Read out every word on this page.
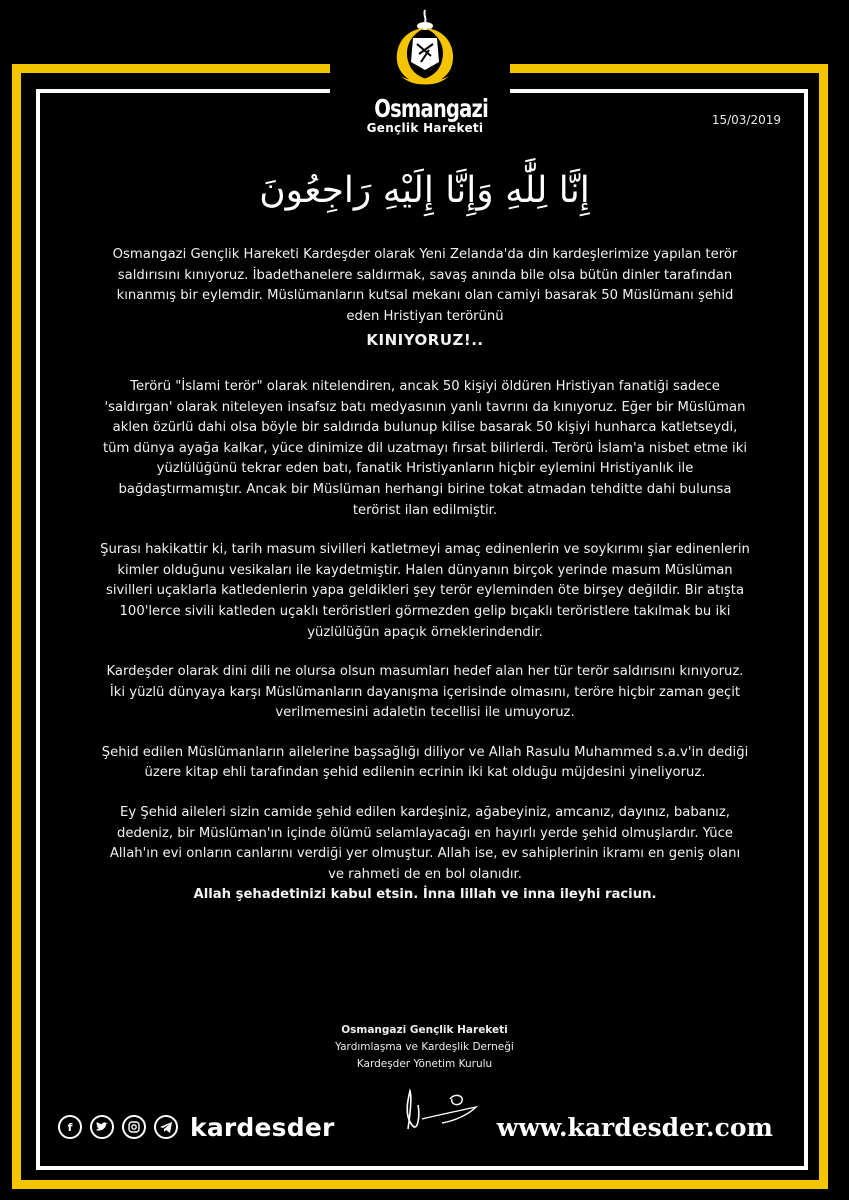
Osmangazi
Gençlik Hareketi
15/03/2019
إِنَّا لِلَّٰهِ وَإِنَّا إِلَيْهِ رَاجِعُونَ

Osmangazi Gençlik Hareketi Kardeşder olarak Yeni Zelanda'da din kardeşlerimize yapılan terör saldırısını kınıyoruz. İbadethanelere saldırmak, savaş anında bile olsa bütün dinler tarafından kınanmış bir eylemdir. Müslümanların kutsal mekanı olan camiyi basarak 50 Müslümanı şehid eden Hristiyan terörünü
KINIYORUZ!..

Terörü "İslami terör" olarak nitelendiren, ancak 50 kişiyi öldüren Hristiyan fanatiği sadece 'saldırgan' olarak niteleyen insafsız batı medyasının yanlı tavrını da kınıyoruz. Eğer bir Müslüman aklen özürlü dahi olsa böyle bir saldırıda bulunup kilise basarak 50 kişiyi hunharca katletseydi, tüm dünya ayağa kalkar, yüce dinimize dil uzatmayı fırsat bilirlerdi. Terörü İslam'a nisbet etme iki yüzlülüğünü tekrar eden batı, fanatik Hristiyanların hiçbir eylemini Hristiyanlık ile bağdaştırmamıştır. Ancak bir Müslüman herhangi birine tokat atmadan tehditte dahi bulunsa terörist ilan edilmiştir.

Şurası hakikattir ki, tarih masum sivilleri katletmeyi amaç edinenlerin ve soykırımı şiar edinenlerin kimler olduğunu vesikaları ile kaydetmiştir. Halen dünyanın birçok yerinde masum Müslüman sivilleri uçaklarla katledenlerin yapa geldikleri şey terör eyleminden öte birşey değildir. Bir atışta 100'lerce sivili katleden uçaklı teröristleri görmezden gelip bıçaklı teröristlere takılmak bu iki yüzlülüğün apaçık örneklerindendir.

Kardeşder olarak dini dili ne olursa olsun masumları hedef alan her tür terör saldırısını kınıyoruz. İki yüzlü dünyaya karşı Müslümanların dayanışma içerisinde olmasını, teröre hiçbir zaman geçit verilmemesini adaletin tecellisi ile umuyoruz.

Şehid edilen Müslümanların ailelerine başsağlığı diliyor ve Allah Rasulu Muhammed s.a.v'in dediği üzere kitap ehli tarafından şehid edilenin ecrinin iki kat olduğu müjdesini yineliyoruz.

Ey Şehid aileleri sizin camide şehid edilen kardeşiniz, ağabeyiniz, amcanız, dayınız, babanız, dedeniz, bir Müslüman'ın içinde ölümü selamlayacağı en hayırlı yerde şehid olmuşlardır. Yüce Allah'ın evi onların canlarını verdiği yer olmuştur. Allah ise, ev sahiplerinin ikramı en geniş olanı ve rahmeti de en bol olanıdır.
Allah şehadetinizi kabul etsin. İnna lillah ve inna ileyhi raciun.

Osmangazi Gençlik Hareketi
Yardımlaşma ve Kardeşlik Derneği
Kardeşder Yönetim Kurulu
f	kardesder	www.kardesder.com
